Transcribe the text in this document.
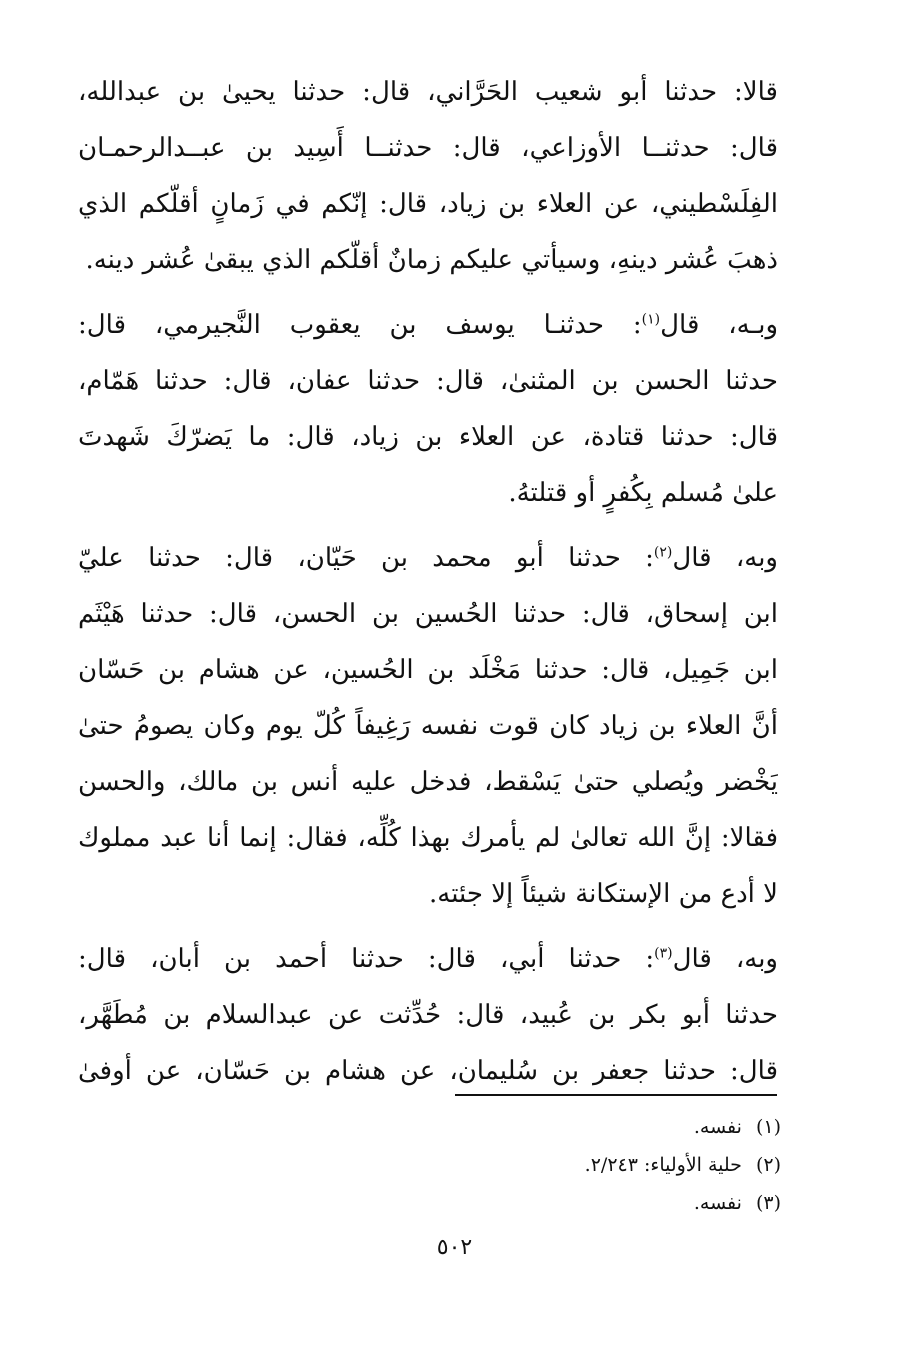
قالا: حدثنا أبو شعيب الحَرَّاني، قال: حدثنا يحيىٰ بن عبدالله،
قال: حدثنــا الأوزاعي، قال: حدثنــا أَسِيد بن عبــدالرحمـان
الفِلَسْطيني، عن العلاء بن زياد، قال: إنّكم في زَمانٍ أقلّكم الذي
ذهبَ عُشر دينهِ، وسيأتي عليكم زمانٌ أقلّكم الذي يبقىٰ عُشر دينه.
وبـه، قال$^{(١)}$: حدثنـا يوسف بن يعقوب النَّجيرمي، قال:
حدثنا الحسن بن المثنىٰ، قال: حدثنا عفان، قال: حدثنا هَمّام،
قال: حدثنا قتادة، عن العلاء بن زياد، قال: ما يَضرّكَ شَهدتَ
علىٰ مُسلم بِكُفرٍ أو قتلتهُ.
وبه، قال$^{(٢)}$: حدثنا أبو محمد بن حَيّان، قال: حدثنا عليّ
ابن إسحاق، قال: حدثنا الحُسين بن الحسن، قال: حدثنا هَيْثَم
ابن جَمِيل، قال: حدثنا مَخْلَد بن الحُسين، عن هشام بن حَسّان
أنَّ العلاء بن زياد كان قوت نفسه رَغِيفاً كُلّ يوم وكان يصومُ حتىٰ
يَخْضر ويُصلي حتىٰ يَسْقط، فدخل عليه أنس بن مالك، والحسن
فقالا: إنَّ الله تعالىٰ لم يأمرك بهذا كُلِّه، فقال: إنما أنا عبد مملوك
لا أدع من الإستكانة شيئاً إلا جئته.
وبه، قال$^{(٣)}$: حدثنا أبي، قال: حدثنا أحمد بن أبان، قال:
حدثنا أبو بكر بن عُبيد، قال: حُدِّثت عن عبدالسلام بن مُطَهَّر،
قال: حدثنا جعفر بن سُليمان، عن هشام بن حَسّان، عن أوفىٰ
(١)نفسه.
(٢)حلية الأولياء: ٢/٢٤٣.
(٣)نفسه.
٥٠٢
